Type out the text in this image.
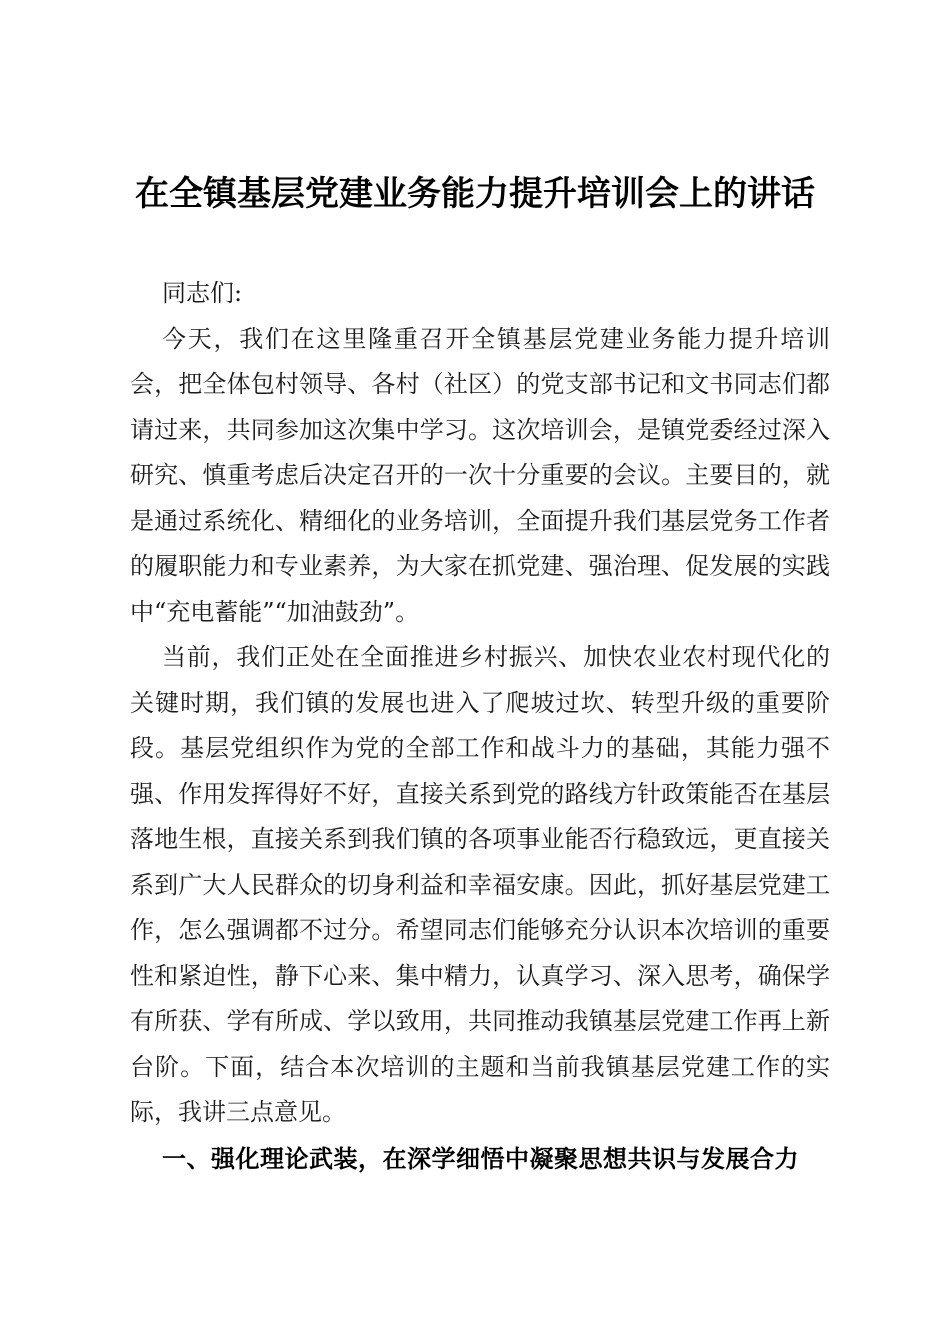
在全镇基层党建业务能力提升培训会上的讲话

同志们:

今天，我们在这里隆重召开全镇基层党建业务能力提升培训会，把全体包村领导、各村（社区）的党支部书记和文书同志们都请过来，共同参加这次集中学习。这次培训会，是镇党委经过深入研究、慎重考虑后决定召开的一次十分重要的会议。主要目的，就是通过系统化、精细化的业务培训，全面提升我们基层党务工作者的履职能力和专业素养，为大家在抓党建、强治理、促发展的实践中“充电蓄能”“加油鼓劲”。

当前，我们正处在全面推进乡村振兴、加快农业农村现代化的关键时期，我们镇的发展也进入了爬坡过坎、转型升级的重要阶段。基层党组织作为党的全部工作和战斗力的基础，其能力强不强、作用发挥得好不好，直接关系到党的路线方针政策能否在基层落地生根，直接关系到我们镇的各项事业能否行稳致远，更直接关系到广大人民群众的切身利益和幸福安康。因此，抓好基层党建工作，怎么强调都不过分。希望同志们能够充分认识本次培训的重要性和紧迫性，静下心来、集中精力，认真学习、深入思考，确保学有所获、学有所成、学以致用，共同推动我镇基层党建工作再上新台阶。下面，结合本次培训的主题和当前我镇基层党建工作的实际，我讲三点意见。

一、强化理论武装，在深学细悟中凝聚思想共识与发展合力
